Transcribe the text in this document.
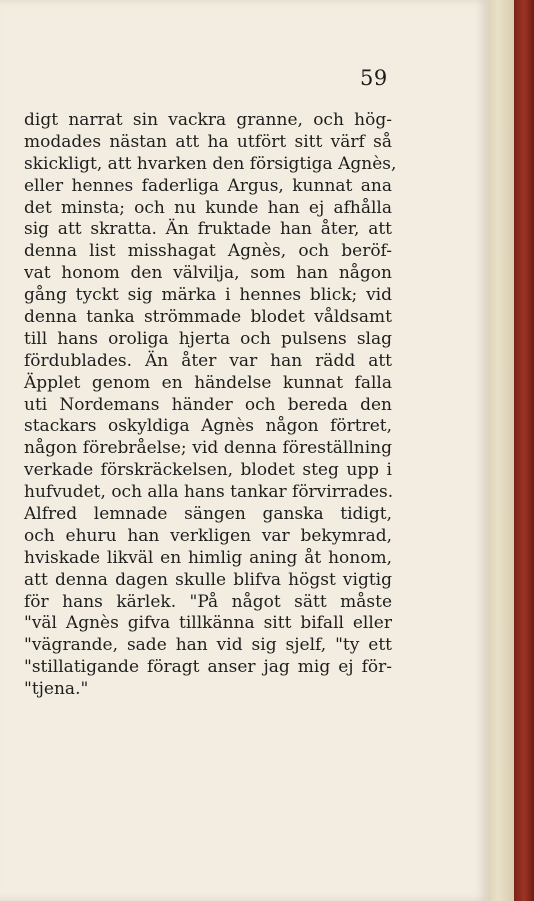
59
digt narrat sin vackra granne, och hög-
modades nästan att ha utfört sitt värf så
skickligt, att hvarken den försigtiga Agnès,
eller hennes faderliga Argus, kunnat ana
det minsta; och nu kunde han ej afhålla
sig att skratta. Än fruktade han åter, att
denna list misshagat Agnès, och beröf-
vat honom den välvilja, som han någon
gång tyckt sig märka i hennes blick; vid
denna tanka strömmade blodet våldsamt
till hans oroliga hjerta och pulsens slag
fördublades. Än åter var han rädd att
Äpplet genom en händelse kunnat falla
uti Nordemans händer och bereda den
stackars oskyldiga Agnès någon förtret,
någon förebråelse; vid denna föreställning
verkade förskräckelsen, blodet steg upp i
hufvudet, och alla hans tankar förvirrades.
Alfred lemnade sängen ganska tidigt,
och ehuru han verkligen var bekymrad,
hviskade likväl en himlig aning åt honom,
att denna dagen skulle blifva högst vigtig
för hans kärlek. "På något sätt måste
"väl Agnès gifva tillkänna sitt bifall eller
"vägrande, sade han vid sig sjelf, "ty ett
"stillatigande föragt anser jag mig ej för-
"tjena."
